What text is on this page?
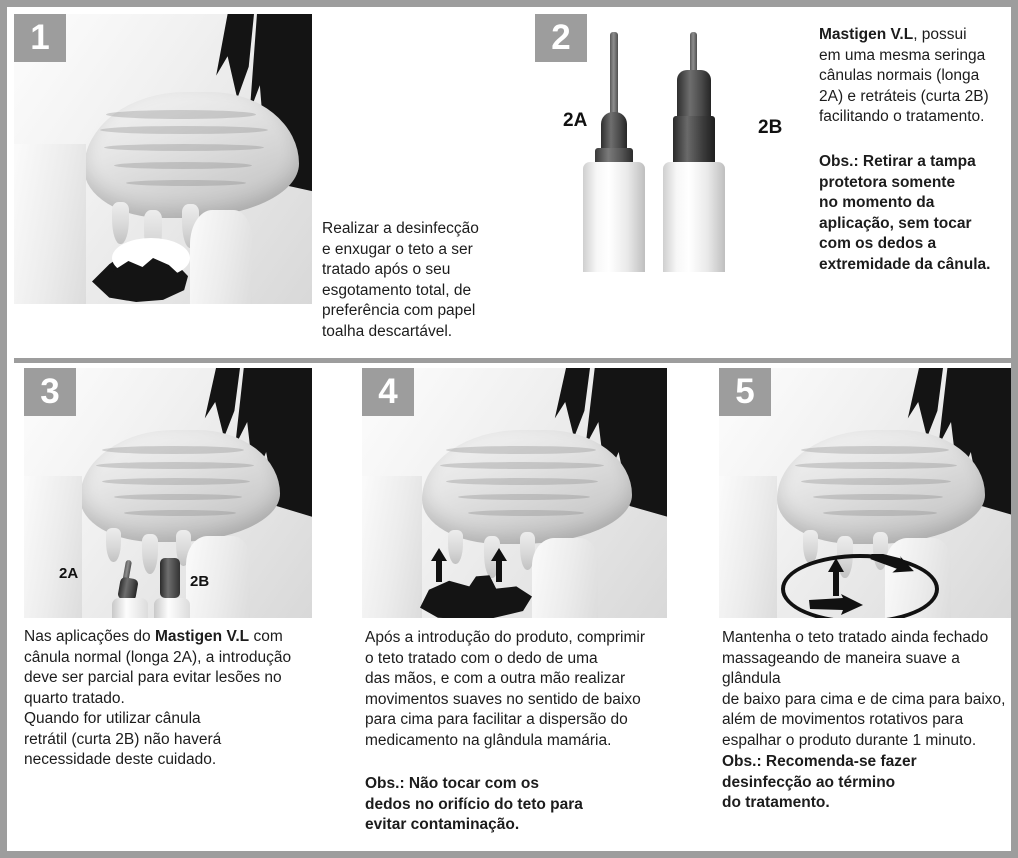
1

Realizar a desinfecção

e enxugar o teto a ser

tratado após o seu

esgotamento total, de

preferência com papel

toalha descartável.

2
2A	2B

Mastigen V.L, possui

em uma mesma seringa

cânulas normais (longa

2A) e retráteis (curta 2B)

facilitando o tratamento.

Obs.: Retirar a tampa

protetora somente

no momento da

aplicação, sem tocar

com os dedos a

extremidade da cânula.

3
2A	2B

Nas aplicações do Mastigen V.L com

cânula normal (longa 2A), a introdução

deve ser parcial para evitar lesões no

quarto tratado.

Quando for utilizar cânula

retrátil (curta 2B) não haverá

necessidade deste cuidado.

4

Após a introdução do produto, comprimir

o teto tratado com o dedo de uma

das mãos, e com a outra mão realizar

movimentos suaves no sentido de baixo

para cima para facilitar a dispersão do

medicamento na glândula mamária.

Obs.: Não tocar com os

dedos no orifício do teto para

evitar contaminação.

5

Mantenha o teto tratado ainda fechado

massageando de maneira suave a glândula

de baixo para cima e de cima para baixo,

além de movimentos rotativos para

espalhar o produto durante 1 minuto.

Obs.: Recomenda-se fazer

desinfecção ao término

do tratamento.
